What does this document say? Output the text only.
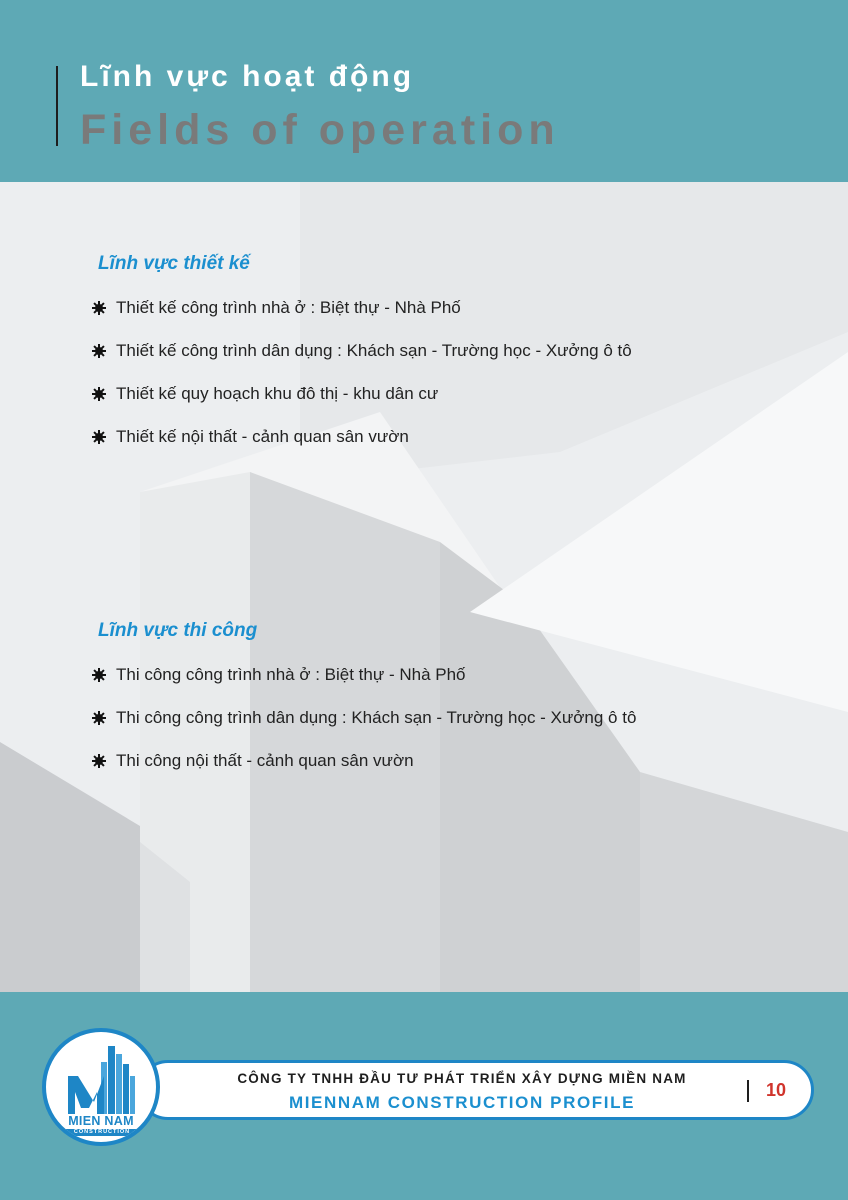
Lĩnh vực hoạt động
Fields of operation
Lĩnh vực thiết kế
Thiết kế công trình nhà ở : Biệt thự - Nhà Phố
Thiết kế công trình dân dụng : Khách sạn - Trường học - Xưởng ô tô
Thiết kế quy hoạch khu đô thị - khu dân cư
Thiết kế nội thất - cảnh quan sân vườn
Lĩnh vực thi công
Thi công công trình nhà ở : Biệt thự - Nhà Phố
Thi công công trình dân dụng : Khách sạn - Trường học - Xưởng ô tô
Thi công nội thất - cảnh quan sân vườn
CÔNG TY TNHH ĐẦU TƯ PHÁT TRIỂN XÂY DỰNG MIỀN NAM
MIENNAM CONSTRUCTION PROFILE
10
MIEN NAM
CONSTRUCTION
